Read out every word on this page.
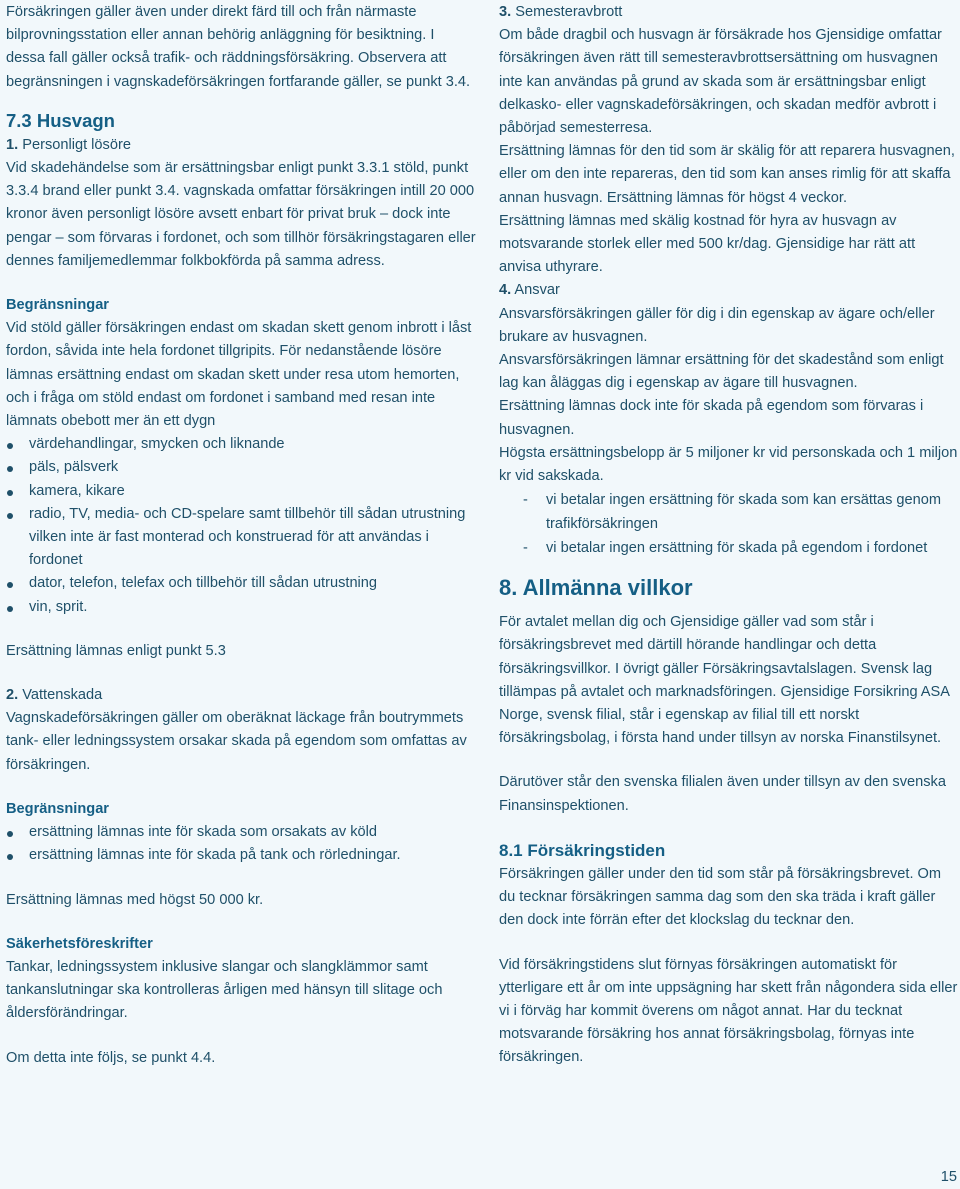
Försäkringen gäller även under direkt färd till och från närmaste bilprovningsstation eller annan behörig anläggning för besiktning. I dessa fall gäller också trafik- och räddningsförsäkring. Observera att begränsningen i vagnskadeförsäkringen fortfarande gäller, se punkt 3.4.

7.3 Husvagn

1. Personligt lösöre

Vid skadehändelse som är ersättningsbar enligt punkt 3.3.1 stöld, punkt 3.3.4 brand eller punkt 3.4. vagnskada omfattar försäkringen intill 20 000 kronor även personligt lösöre avsett enbart för privat bruk – dock inte pengar – som förvaras i fordonet, och som tillhör försäkringstagaren eller dennes familjemedlemmar folkbokförda på samma adress.

Begränsningar

Vid stöld gäller försäkringen endast om skadan skett genom inbrott i låst fordon, såvida inte hela fordonet tillgripits. För nedanstående lösöre lämnas ersättning endast om skadan skett under resa utom hemorten, och i fråga om stöld endast om fordonet i samband med resan inte lämnats obebott mer än ett dygn

värdehandlingar, smycken och liknande
päls, pälsverk
kamera, kikare
radio, TV, media- och CD-spelare samt tillbehör till sådan utrustning vilken inte är fast monterad och konstruerad för att användas i fordonet
dator, telefon, telefax och tillbehör till sådan utrustning
vin, sprit.

Ersättning lämnas enligt punkt 5.3

2. Vattenskada

Vagnskadeförsäkringen gäller om oberäknat läckage från boutrymmets tank- eller ledningssystem orsakar skada på egendom som omfattas av försäkringen.

Begränsningar

ersättning lämnas inte för skada som orsakats av köld
ersättning lämnas inte för skada på tank och rörledningar.

Ersättning lämnas med högst 50 000 kr.

Säkerhetsföreskrifter

Tankar, ledningssystem inklusive slangar och slangklämmor samt tankanslutningar ska kontrolleras årligen med hänsyn till slitage och åldersförändringar.

Om detta inte följs, se punkt 4.4.

3. Semesteravbrott

Om både dragbil och husvagn är försäkrade hos Gjensidige omfattar försäkringen även rätt till semesteravbrottsersättning om husvagnen inte kan användas på grund av skada som är ersättningsbar enligt delkasko- eller vagnskadeförsäkringen, och skadan medför avbrott i påbörjad semesterresa.

Ersättning lämnas för den tid som är skälig för att reparera husvagnen, eller om den inte repareras, den tid som kan anses rimlig för att skaffa annan husvagn. Ersättning lämnas för högst 4 veckor.

Ersättning lämnas med skälig kostnad för hyra av husvagn av motsvarande storlek eller med 500 kr/dag. Gjensidige har rätt att anvisa uthyrare.

4. Ansvar

Ansvarsförsäkringen gäller för dig i din egenskap av ägare och/eller brukare av husvagnen.

Ansvarsförsäkringen lämnar ersättning för det skadestånd som enligt lag kan åläggas dig i egenskap av ägare till husvagnen.

Ersättning lämnas dock inte för skada på egendom som förvaras i husvagnen.

Högsta ersättningsbelopp är 5 miljoner kr vid personskada och 1 miljon kr vid sakskada.

- vi betalar ingen ersättning för skada som kan ersättas genom trafikförsäkringen
- vi betalar ingen ersättning för skada på egendom i fordonet
8. Allmänna villkor

För avtalet mellan dig och Gjensidige gäller vad som står i försäkringsbrevet med därtill hörande handlingar och detta försäkringsvillkor. I övrigt gäller Försäkringsavtalslagen. Svensk lag tillämpas på avtalet och marknadsföringen. Gjensidige Forsikring ASA Norge, svensk filial, står i egenskap av filial till ett norskt försäkringsbolag, i första hand under tillsyn av norska Finanstilsynet.

Därutöver står den svenska filialen även under tillsyn av den svenska Finansinspektionen.

8.1 Försäkringstiden

Försäkringen gäller under den tid som står på försäkringsbrevet. Om du tecknar försäkringen samma dag som den ska träda i kraft gäller den dock inte förrän efter det klockslag du tecknar den.

Vid försäkringstidens slut förnyas försäkringen automatiskt för ytterligare ett år om inte uppsägning har skett från någondera sida eller vi i förväg har kommit överens om något annat. Har du tecknat motsvarande försäkring hos annat försäkringsbolag, förnyas inte försäkringen.

15
